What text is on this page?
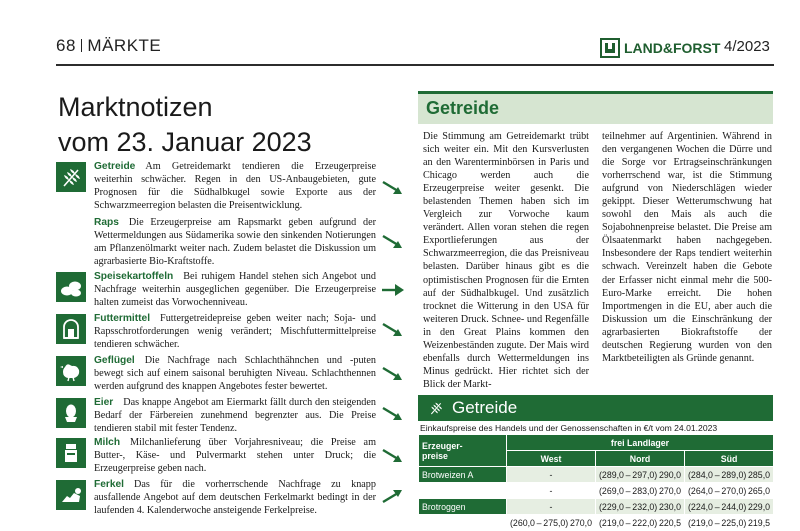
68 MÄRKTE	LAND&FORST 4/2023
Marktnotizen
vom 23. Januar 2023

Getreide Am Getreidemarkt tendieren die Erzeugerpreise weiterhin schwächer. Regen in den US-Anbaugebieten, gute Prognosen für die Südhalbkugel sowie Exporte aus der Schwarzmeerregion belasten die Preisentwicklung.

Raps Die Erzeugerpreise am Rapsmarkt geben aufgrund der Wettermeldungen aus Südamerika sowie den sinkenden Notierungen am Pflanzenölmarkt weiter nach. Zudem belastet die Diskussion um agrarbasierte Bio-Kraftstoffe.

Speisekartoffeln Bei ruhigem Handel stehen sich Angebot und Nachfrage weiterhin ausgeglichen gegenüber. Die Erzeugerpreise halten zumeist das Vorwochenniveau.

Futtermittel Futtergetreidepreise geben weiter nach; Soja- und Rapsschrotforderungen wenig verändert; Mischfuttermittelpreise tendieren schwächer.

Geflügel Die Nachfrage nach Schlachthähnchen und -puten bewegt sich auf einem saisonal beruhigten Niveau. Schlachthennen werden aufgrund des knappen Angebotes fester bewertet.

Eier Das knappe Angebot am Eiermarkt fällt durch den steigenden Bedarf der Färbereien zunehmend begrenzter aus. Die Preise tendieren stabil mit fester Tendenz.

Milch Milchanlieferung über Vorjahresniveau; die Preise am Butter-, Käse- und Pulvermarkt stehen unter Druck; die Erzeugerpreise geben nach.

Ferkel Das für die vorherrschende Nachfrage zu knapp ausfallende Angebot auf dem deutschen Ferkelmarkt bedingt in der laufenden 4. Kalenderwoche ansteigende Ferkelpreise.

Getreide

Die Stimmung am Getreidemarkt trübt sich weiter ein. Mit den Kursverlusten an den Warenterminbörsen in Paris und Chicago werden auch die Erzeugerpreise weiter gesenkt. Die belastenden Themen haben sich im Vergleich zur Vorwoche kaum verändert. Allen voran stehen die regen Exportlieferungen aus der Schwarzmeerregion, die das Preisniveau belasten. Darüber hinaus gibt es die optimistischen Prognosen für die Ernten auf der Südhalbkugel. Und zusätzlich trocknet die Witterung in den USA für weiteren Druck. Schnee- und Regenfälle in den Great Plains kommen den Weizenbeständen zugute. Der Mais wird ebenfalls durch Wettermeldungen ins Minus gedrückt. Hier richtet sich der Blick der Markt-

teilnehmer auf Argentinien. Während in den vergangenen Wochen die Dürre und die Sorge vor Ertragseinschränkungen vorherrschend war, ist die Stimmung aufgrund von Niederschlägen wieder gekippt. Dieser Wetterumschwung hat sowohl den Mais als auch die Sojabohnenpreise belastet. Die Preise am Ölsaatenmarkt haben nachgegeben. Insbesondere der Raps tendiert weiterhin schwach. Vereinzelt haben die Gebote der Erfasser nicht einmal mehr die 500-Euro-Marke erreicht. Die hohen Importmengen in die EU, aber auch die Diskussion um die Einschränkung der agrarbasierten Biokraftstoffe der deutschen Regierung wurden von den Marktbeteiligten als Gründe genannt.

Getreide
Einkaufspreise des Handels und der Genossenschaften in €/t vom 24.01.2023
Erzeuger-
preise	frei Landlager		
	West	Nord	Süd
Brotweizen A	-	(289,0 – 297,0) 290,0	(284,0 – 289,0) 285,0

Brotweizen B	-	(269,0 – 283,0) 270,0	(264,0 – 270,0) 265,0

Brotroggen	-	(229,0 – 232,0) 230,0	(224,0 – 244,0) 229,0

Futterroggen	(260,0 – 275,0) 270,0	(219,0 – 222,0) 220,5	(219,0 – 225,0) 219,5
